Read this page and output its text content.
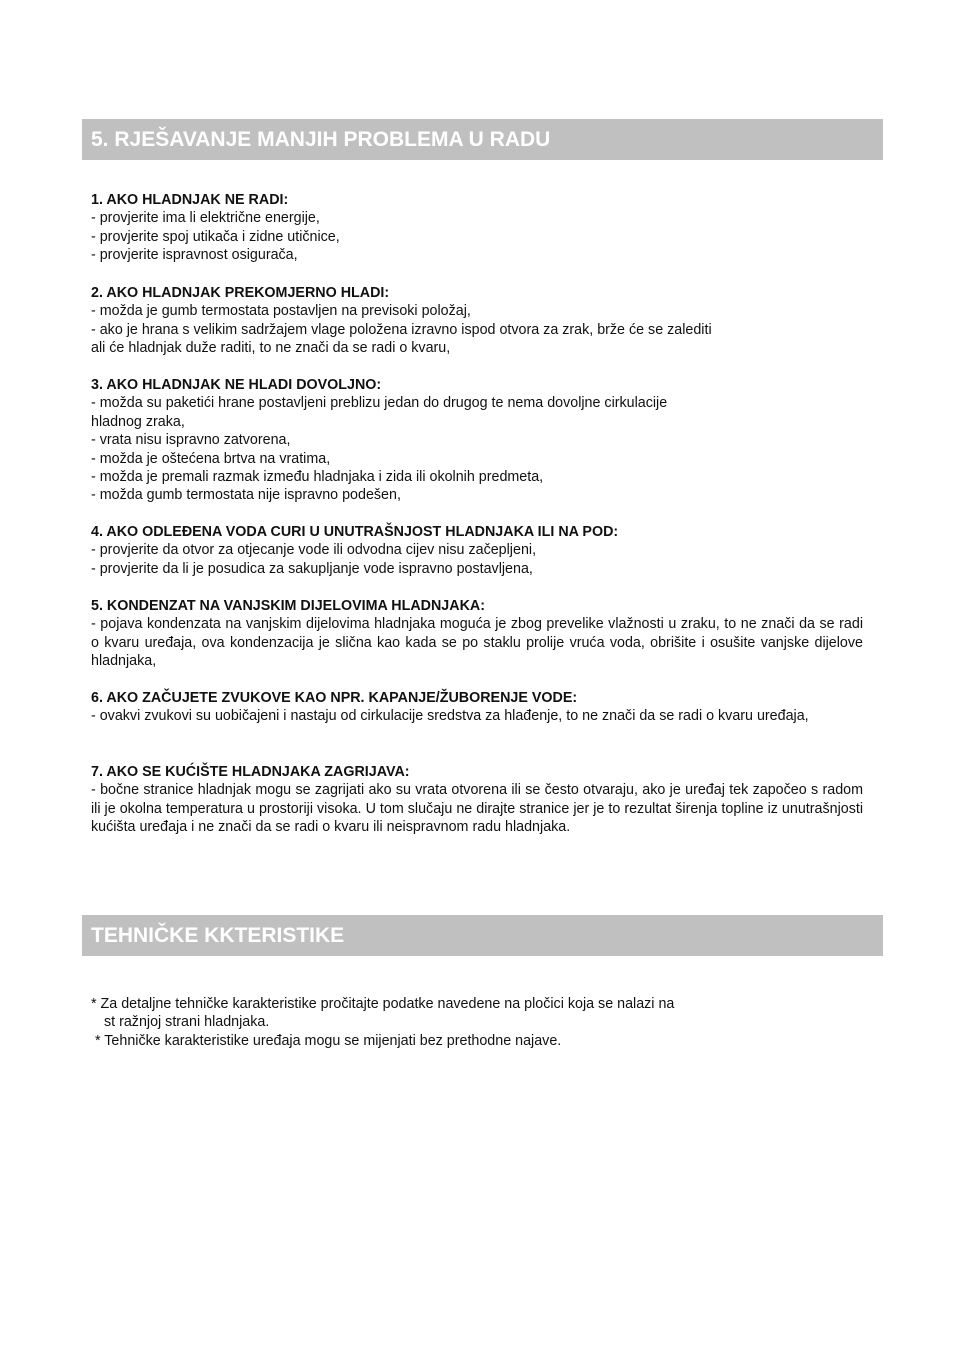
5. RJEŠAVANJE MANJIH PROBLEMA U RADU
1. AKO HLADNJAK NE RADI:
- provjerite ima li električne energije,
- provjerite spoj utikača i zidne utičnice,
- provjerite ispravnost osigurača,
2. AKO HLADNJAK PREKOMJERNO HLADI:
- možda je gumb termostata postavljen na previsoki položaj,
- ako je hrana s velikim sadržajem vlage položena izravno ispod otvora za zrak, brže će se zalediti
ali će hladnjak duže raditi, to ne znači da se radi o kvaru,
3. AKO HLADNJAK NE HLADI DOVOLJNO:
- možda su paketići hrane postavljeni preblizu jedan do drugog te nema dovoljne cirkulacije
hladnog zraka,
- vrata nisu ispravno zatvorena,
- možda je oštećena brtva na vratima,
- možda je premali razmak između hladnjaka i zida ili okolnih predmeta,
- možda gumb termostata nije ispravno podešen,
4. AKO ODLEĐENA VODA CURI U UNUTRAŠNJOST HLADNJAKA ILI NA POD:
- provjerite da otvor za otjecanje vode ili odvodna cijev nisu začepljeni,
- provjerite da li je posudica za sakupljanje vode ispravno postavljena,
5. KONDENZAT NA VANJSKIM DIJELOVIMA HLADNJAKA:
- pojava kondenzata na vanjskim dijelovima hladnjaka moguća je zbog prevelike vlažnosti u zraku, to ne znači da se radi o kvaru uređaja, ova kondenzacija je slična kao kada se po staklu prolije vruća voda, obrišite i osušite vanjske dijelove hladnjaka,
6. AKO ZAČUJETE ZVUKOVE KAO NPR. KAPANJE/ŽUBORENJE VODE:
- ovakvi zvukovi su uobičajeni i nastaju od cirkulacije sredstva za hlađenje, to ne znači da se radi o kvaru uređaja,
7. AKO SE KUĆIŠTE HLADNJAKA ZAGRIJAVA:
- bočne stranice hladnjak mogu se zagrijati ako su vrata otvorena ili se često otvaraju, ako je uređaj tek započeo s radom ili je okolna temperatura u prostoriji visoka. U tom slučaju ne dirajte stranice jer je to rezultat širenja topline iz unutrašnjosti kućišta uređaja i ne znači da se radi o kvaru ili neispravnom radu hladnjaka.
TEHNIČKE KKTERISTIKE
* Za detaljne tehničke karakteristike pročitajte podatke navedene na pločici koja se nalazi na
st ražnjoj strani hladnjaka.
* Tehničke karakteristike uređaja mogu se mijenjati bez prethodne najave.
